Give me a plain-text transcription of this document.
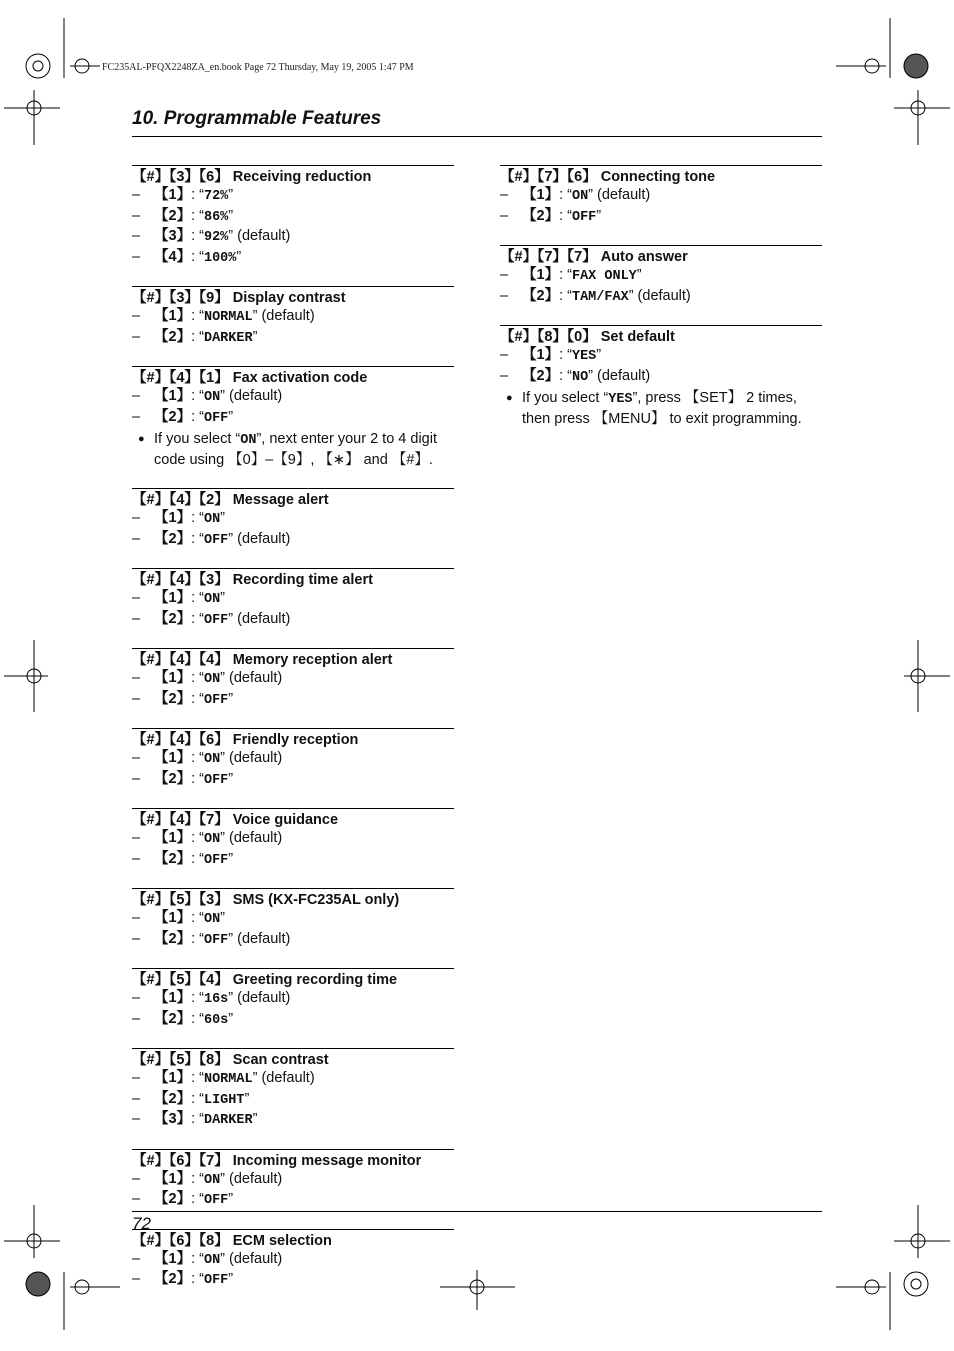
FC235AL-PFQX2248ZA_en.book Page 72 Thursday, May 19, 2005 1:47 PM
10. Programmable Features
【#】【3】【6】 Receiving reduction
– 【1】: “72%”
– 【2】: “86%”
– 【3】: “92%” (default)
– 【4】: “100%”
【#】【3】【9】 Display contrast
– 【1】: “NORMAL” (default)
– 【2】: “DARKER”
【#】【4】【1】 Fax activation code
– 【1】: “ON” (default)
– 【2】: “OFF”
● If you select “ON”, next enter your 2 to 4 digit code using 【0】–【9】, 【∗】 and 【#】.
【#】【4】【2】 Message alert
– 【1】: “ON”
– 【2】: “OFF” (default)
【#】【4】【3】 Recording time alert
– 【1】: “ON”
– 【2】: “OFF” (default)
【#】【4】【4】 Memory reception alert
– 【1】: “ON” (default)
– 【2】: “OFF”
【#】【4】【6】 Friendly reception
– 【1】: “ON” (default)
– 【2】: “OFF”
【#】【4】【7】 Voice guidance
– 【1】: “ON” (default)
– 【2】: “OFF”
【#】【5】【3】 SMS (KX-FC235AL only)
– 【1】: “ON”
– 【2】: “OFF” (default)
【#】【5】【4】 Greeting recording time
– 【1】: “16s” (default)
– 【2】: “60s”
【#】【5】【8】 Scan contrast
– 【1】: “NORMAL” (default)
– 【2】: “LIGHT”
– 【3】: “DARKER”
【#】【6】【7】 Incoming message monitor
– 【1】: “ON” (default)
– 【2】: “OFF”
【#】【6】【8】 ECM selection
– 【1】: “ON” (default)
– 【2】: “OFF”
【#】【7】【6】 Connecting tone
– 【1】: “ON” (default)
– 【2】: “OFF”
【#】【7】【7】 Auto answer
– 【1】: “FAX ONLY”
– 【2】: “TAM/FAX” (default)
【#】【8】【0】 Set default
– 【1】: “YES”
– 【2】: “NO” (default)
● If you select “YES”, press 【SET】 2 times, then press 【MENU】 to exit programming.
72
